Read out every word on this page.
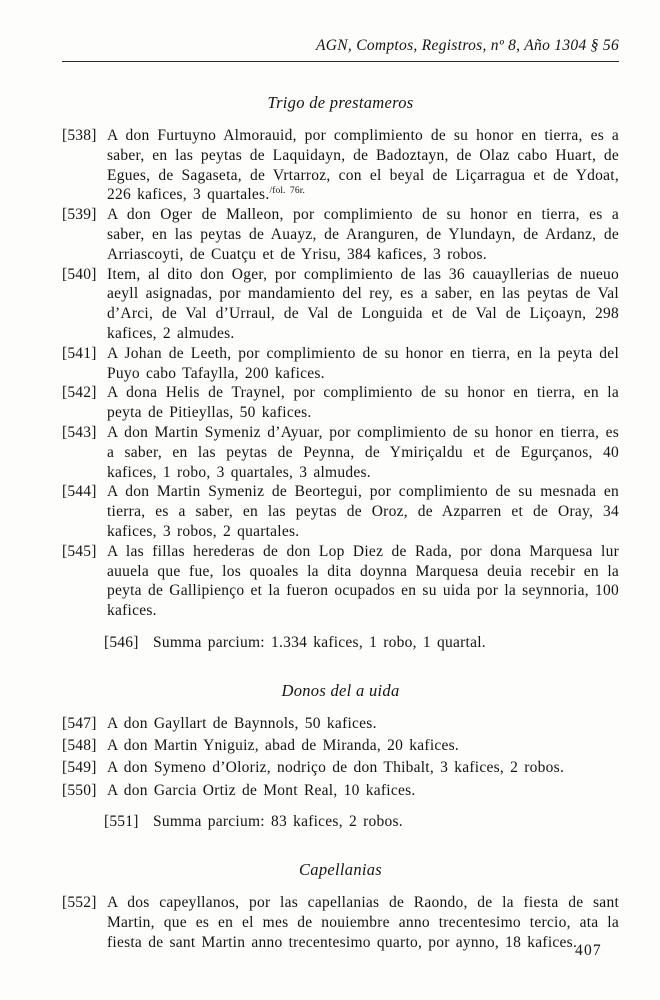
AGN, Comptos, Registros, nº 8, Año 1304 § 56
Trigo de prestameros

[538] A don Furtuyno Almorauid, por complimiento de su honor en tierra, es a saber, en las peytas de Laquidayn, de Badoztayn, de Olaz cabo Huart, de Egues, de Sagaseta, de Vrtarroz, con el beyal de Liçarragua et de Ydoat, 226 kafices, 3 quartales.$^{/fol. 76r.}$

[539] A don Oger de Malleon, por complimiento de su honor en tierra, es a saber, en las peytas de Auayz, de Aranguren, de Ylundayn, de Ardanz, de Arriascoyti, de Cuatçu et de Yrisu, 384 kafices, 3 robos.

[540] Item, al dito don Oger, por complimiento de las 36 cauayllerias de nueuo aeyll asignadas, por mandamiento del rey, es a saber, en las peytas de Val d’Arci, de Val d’Urraul, de Val de Longuida et de Val de Liçoayn, 298 kafices, 2 almudes.

[541] A Johan de Leeth, por complimiento de su honor en tierra, en la peyta del Puyo cabo Tafaylla, 200 kafices.

[542] A dona Helis de Traynel, por complimiento de su honor en tierra, en la peyta de Pitieyllas, 50 kafices.

[543] A don Martin Symeniz d’Ayuar, por complimiento de su honor en tierra, es a saber, en las peytas de Peynna, de Ymiriçaldu et de Egurçanos, 40 kafices, 1 robo, 3 quartales, 3 almudes.

[544] A don Martin Symeniz de Beortegui, por complimiento de su mesnada en tierra, es a saber, en las peytas de Oroz, de Azparren et de Oray, 34 kafices, 3 robos, 2 quartales.

[545] A las fillas herederas de don Lop Diez de Rada, por dona Marquesa lur auuela que fue, los quoales la dita doynna Marquesa deuia recebir en la peyta de Gallipienço et la fueron ocupados en su uida por la seynnoria, 100 kafices.

[546] Summa parcium: 1.334 kafices, 1 robo, 1 quartal.

Donos del a uida

[547] A don Gayllart de Baynnols, 50 kafices.

[548] A don Martin Yniguiz, abad de Miranda, 20 kafices.

[549] A don Symeno d’Oloriz, nodriço de don Thibalt, 3 kafices, 2 robos.

[550] A don Garcia Ortiz de Mont Real, 10 kafices.

[551] Summa parcium: 83 kafices, 2 robos.

Capellanias

[552] A dos capeyllanos, por las capellanias de Raondo, de la fiesta de sant Martin, que es en el mes de nouiembre anno trecentesimo tercio, ata la fiesta de sant Martin anno trecentesimo quarto, por aynno, 18 kafices.

407
